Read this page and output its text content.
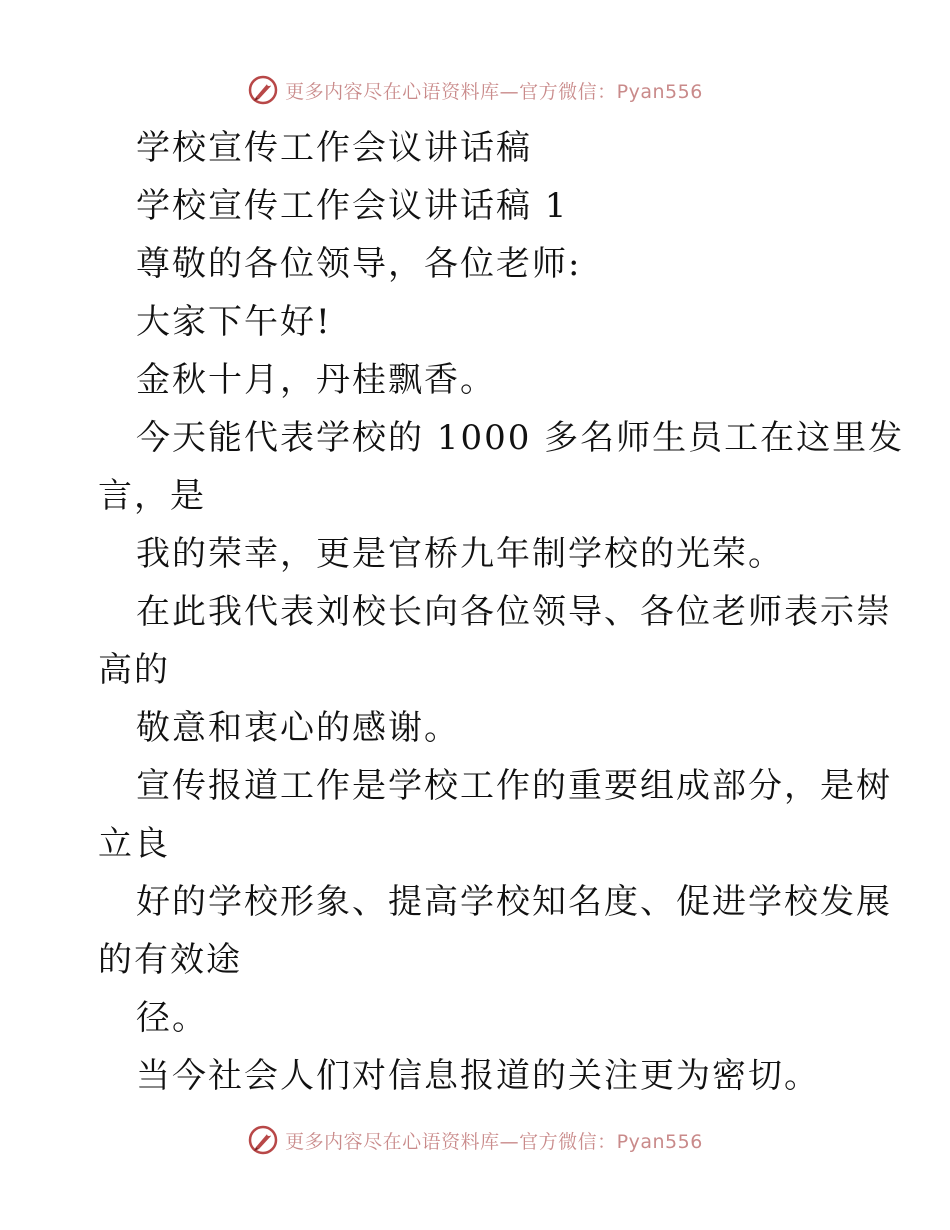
更多内容尽在心语资料库—官方微信：Pyan556
学校宣传工作会议讲话稿
学校宣传工作会议讲话稿 1
尊敬的各位领导，各位老师:
大家下午好!
金秋十月，丹桂飘香。
今天能代表学校的 1000 多名师生员工在这里发
言，是
我的荣幸，更是官桥九年制学校的光荣。
在此我代表刘校长向各位领导、各位老师表示崇
高的
敬意和衷心的感谢。
宣传报道工作是学校工作的重要组成部分，是树
立良
好的学校形象、提高学校知名度、促进学校发展
的有效途
径。
当今社会人们对信息报道的关注更为密切。
更多内容尽在心语资料库—官方微信：Pyan556
